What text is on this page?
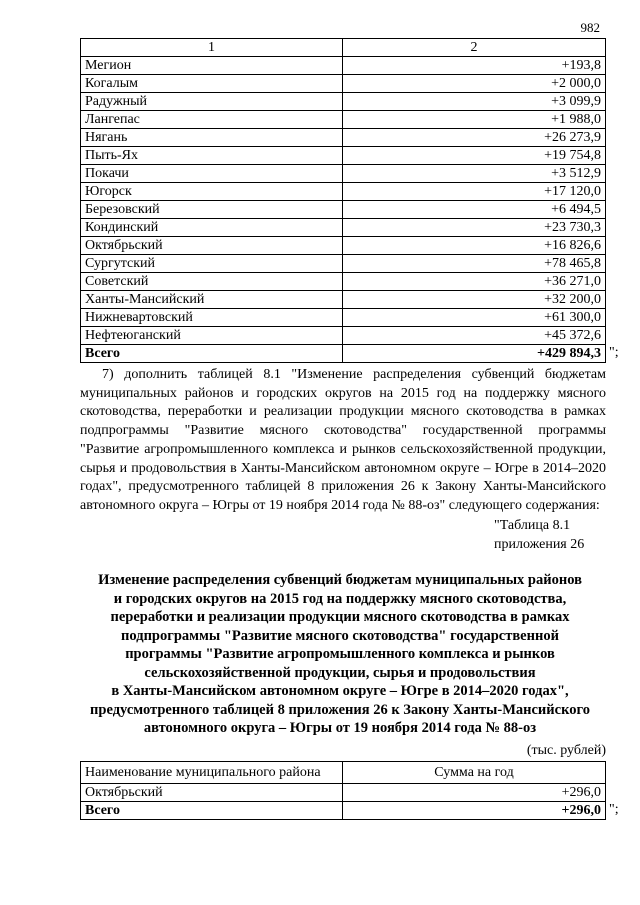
982
1	2
Мегион	+193,8
Когалым	+2 000,0
Радужный	+3 099,9
Лангепас	+1 988,0
Нягань	+26 273,9
Пыть-Ях	+19 754,8
Покачи	+3 512,9
Югорск	+17 120,0
Березовский	+6 494,5
Кондинский	+23 730,3
Октябрьский	+16 826,6
Сургутский	+78 465,8
Советский	+36 271,0
Ханты-Мансийский	+32 200,0
Нижневартовский	+61 300,0
Нефтеюганский	+45 372,6
Всего	+429 894,3 ";

7) дополнить таблицей 8.1 "Изменение распределения субвенций бюджетам муниципальных районов и городских округов на 2015 год на поддержку мясного скотоводства, переработки и реализации продукции мясного скотоводства в рамках подпрограммы "Развитие мясного скотоводства" государственной программы "Развитие агропромышленного комплекса и рынков сельскохозяйственной продукции, сырья и продовольствия в Ханты-Мансийском автономном округе – Югре в 2014–2020 годах", предусмотренного таблицей 8 приложения 26 к Закону Ханты-Мансийского автономного округа – Югры от 19 ноября 2014 года № 88-оз" следующего содержания:

"Таблица 8.1
приложения 26
Изменение распределения субвенций бюджетам муниципальных районов
и городских округов на 2015 год на поддержку мясного скотоводства,
переработки и реализации продукции мясного скотоводства в рамках
подпрограммы "Развитие мясного скотоводства" государственной
программы "Развитие агропромышленного комплекса и рынков
сельскохозяйственной продукции, сырья и продовольствия
в Ханты-Мансийском автономном округе – Югре в 2014–2020 годах",
предусмотренного таблицей 8 приложения 26 к Закону Ханты-Мансийского
автономного округа – Югры от 19 ноября 2014 года № 88-оз
(тыс. рублей)
Наименование муниципального района	Сумма на год
Октябрьский	+296,0
Всего	+296,0 ";
